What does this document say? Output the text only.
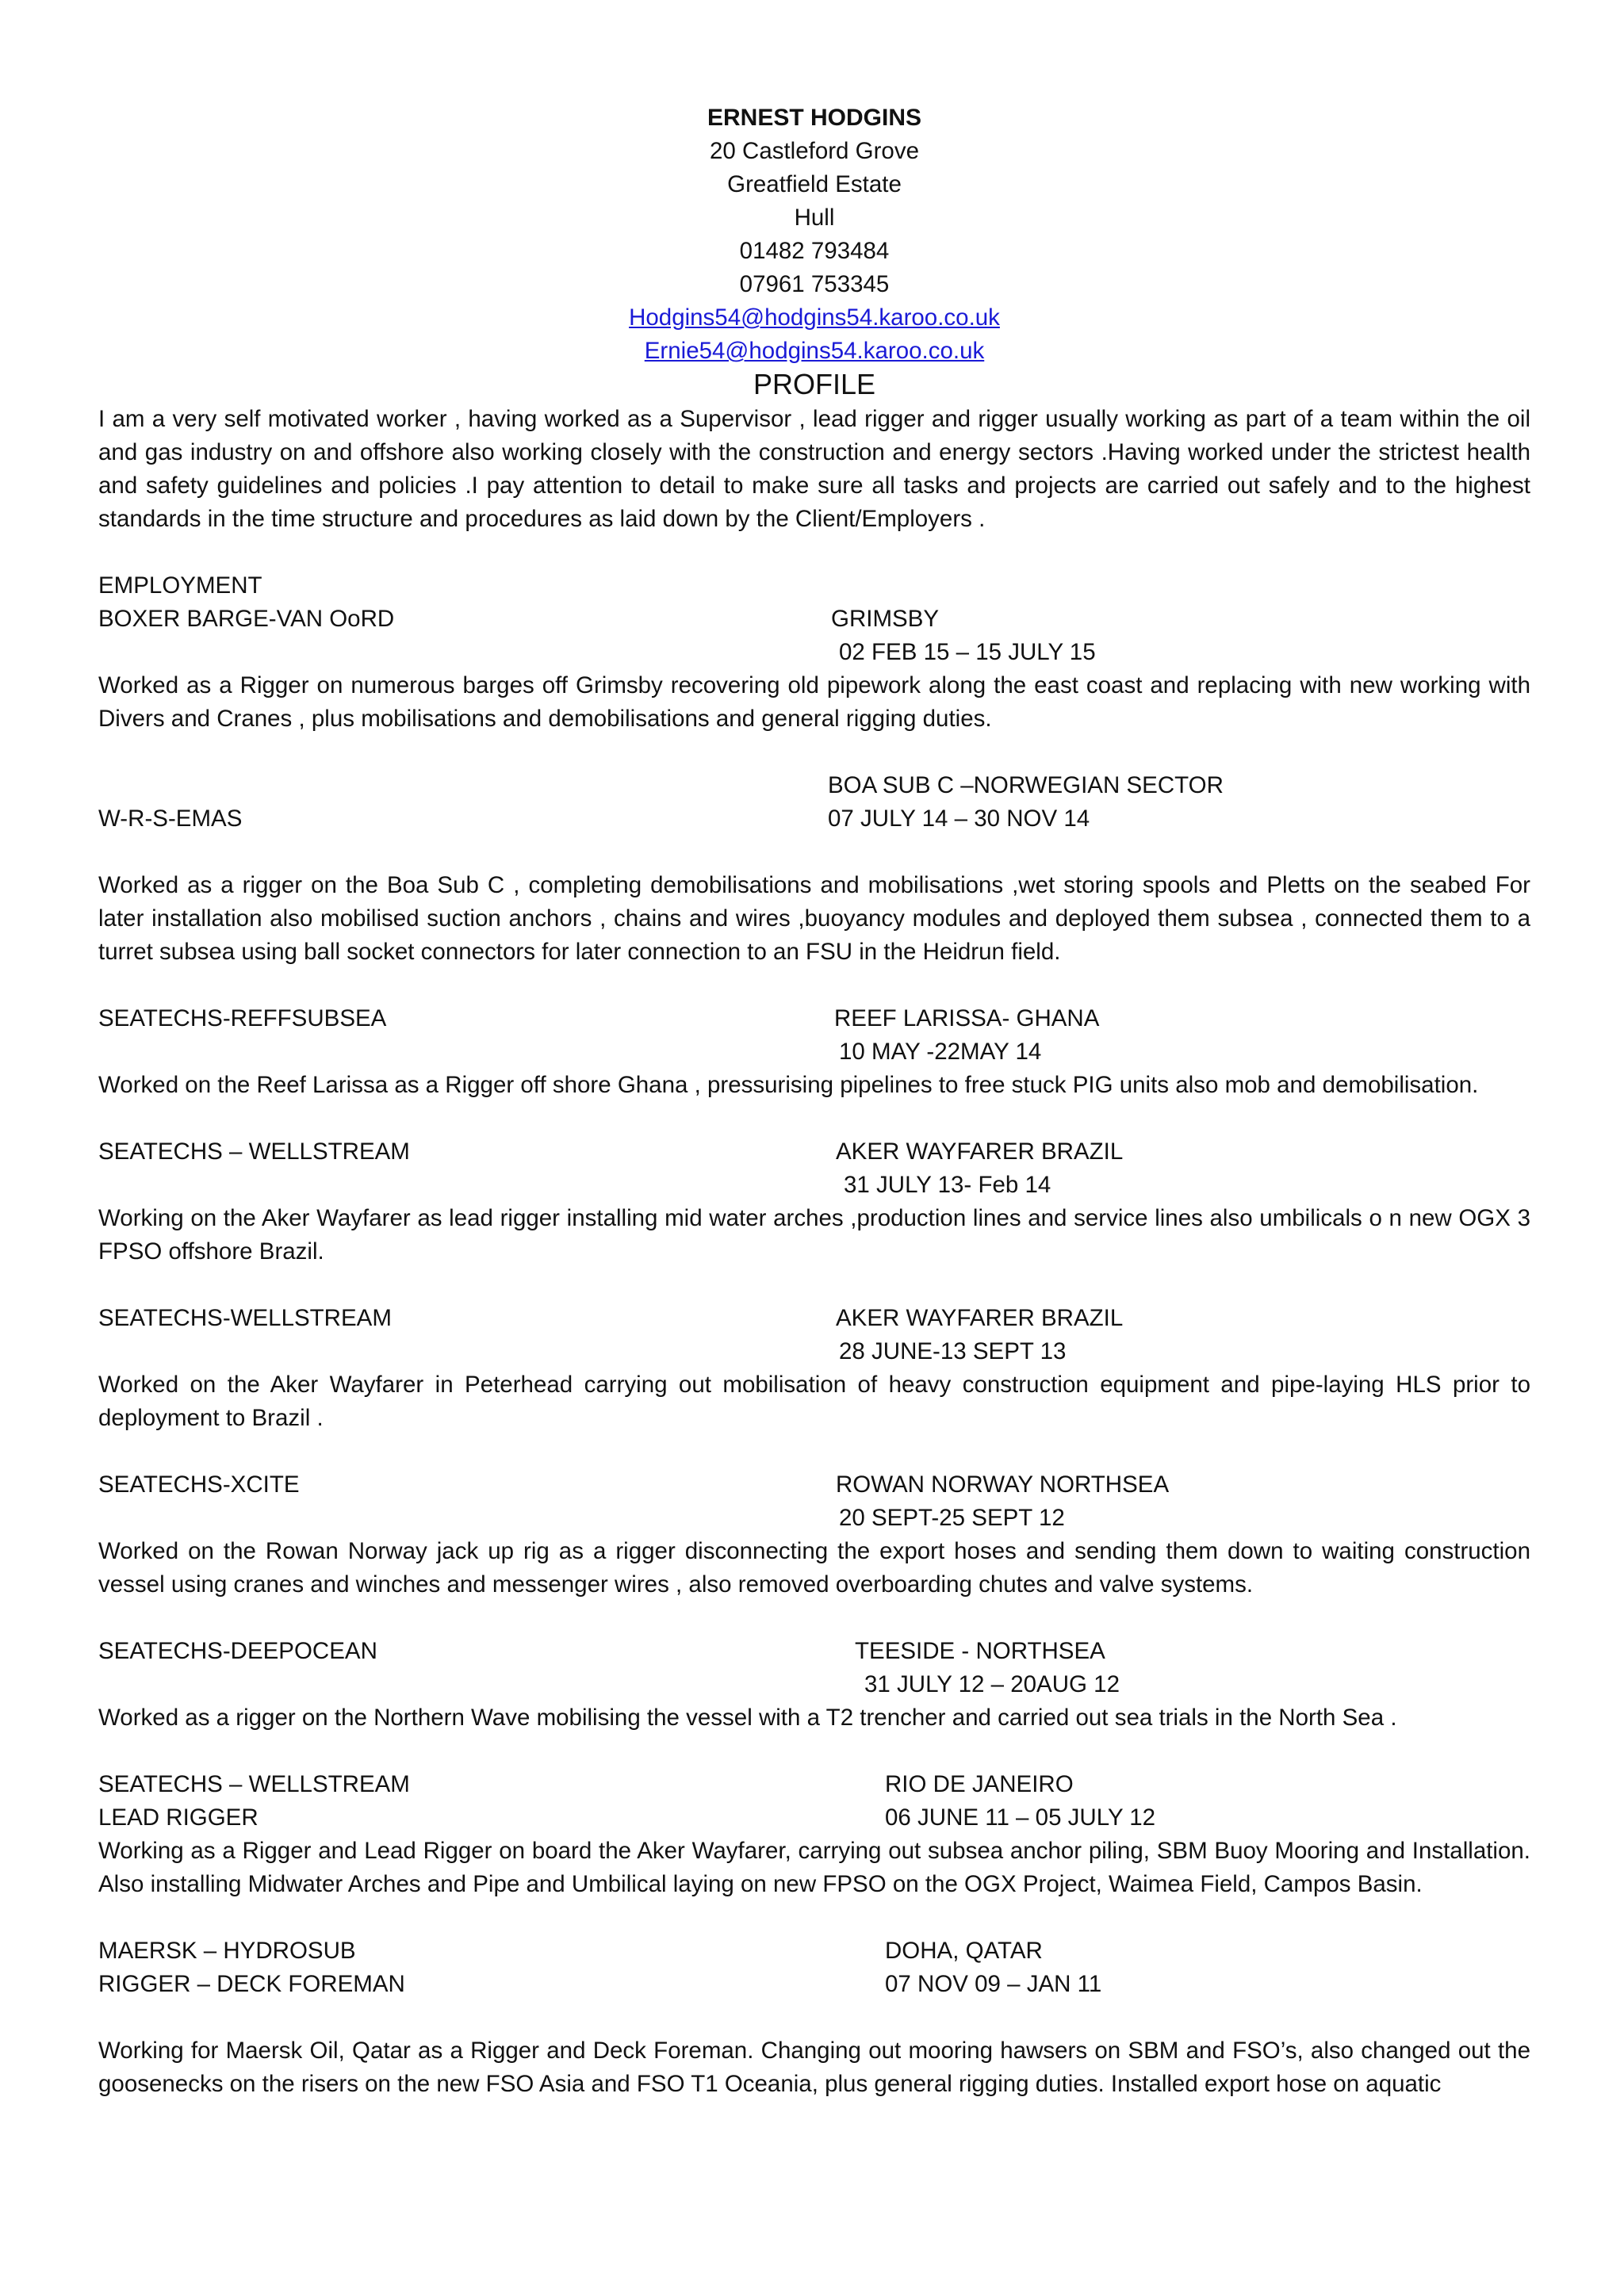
ERNEST HODGINS
20 Castleford Grove
Greatfield Estate
Hull
01482 793484
07961 753345
Hodgins54@hodgins54.karoo.co.uk
Ernie54@hodgins54.karoo.co.uk
PROFILE
I am a very self motivated worker , having worked as a Supervisor , lead rigger and rigger usually working as part of a team within the oil and gas industry on and offshore also working closely with the construction and energy sectors .Having worked under the strictest health and safety guidelines and policies .I pay attention to detail to make sure all tasks and projects are carried out safely and to the highest standards in the time structure and procedures as laid down by the Client/Employers .
EMPLOYMENT
BOXER BARGE-VAN OoRD	GRIMSBY
02 FEB 15 – 15 JULY 15
Worked as a Rigger on numerous barges off Grimsby recovering old pipework along the east coast and replacing with new working with Divers and Cranes , plus mobilisations and demobilisations and general rigging duties.
BOA SUB C –NORWEGIAN SECTOR
W-R-S-EMAS	07 JULY 14 – 30 NOV 14
Worked as a rigger on the Boa Sub C , completing demobilisations and mobilisations ,wet storing spools and Pletts on the seabed For later installation also mobilised suction anchors , chains and wires ,buoyancy modules and deployed them subsea , connected them to a turret subsea using ball socket connectors for later connection to an FSU in the Heidrun field.
SEATECHS-REFFSUBSEA	REEF LARISSA- GHANA
10 MAY -22MAY 14
Worked on the Reef Larissa as a Rigger off shore Ghana , pressurising pipelines to free stuck PIG units also mob and demobilisation.
SEATECHS – WELLSTREAM	AKER WAYFARER BRAZIL
31 JULY 13- Feb 14
Working on the Aker Wayfarer as lead rigger installing mid water arches ,production lines and service lines also umbilicals o n new OGX 3 FPSO offshore Brazil.
SEATECHS-WELLSTREAM	AKER WAYFARER BRAZIL
28 JUNE-13 SEPT 13
Worked on the Aker Wayfarer in Peterhead carrying out mobilisation of heavy construction equipment and pipe-laying HLS prior to deployment to Brazil .
SEATECHS-XCITE	ROWAN NORWAY NORTHSEA
20 SEPT-25 SEPT 12
Worked on the Rowan Norway jack up rig as a rigger disconnecting the export hoses and sending them down to waiting construction vessel using cranes and winches and messenger wires , also removed overboarding chutes and valve systems.
SEATECHS-DEEPOCEAN	TEESIDE - NORTHSEA
31 JULY 12 – 20AUG 12
Worked as a rigger on the Northern Wave mobilising the vessel with a T2 trencher and carried out sea trials in the North Sea .
SEATECHS – WELLSTREAM	RIO DE JANEIRO
LEAD RIGGER	06 JUNE 11 – 05 JULY 12
Working as a Rigger and Lead Rigger on board the Aker Wayfarer, carrying out subsea anchor piling, SBM Buoy Mooring and Installation. Also installing Midwater Arches and Pipe and Umbilical laying on new FPSO on the OGX Project, Waimea Field, Campos Basin.
MAERSK – HYDROSUB	DOHA, QATAR
RIGGER – DECK FOREMAN	07 NOV 09 – JAN 11
Working for Maersk Oil, Qatar as a Rigger and Deck Foreman. Changing out mooring hawsers on SBM and FSO’s, also changed out the goosenecks on the risers on the new FSO Asia and FSO T1 Oceania, plus general rigging duties. Installed export hose on aquatic
